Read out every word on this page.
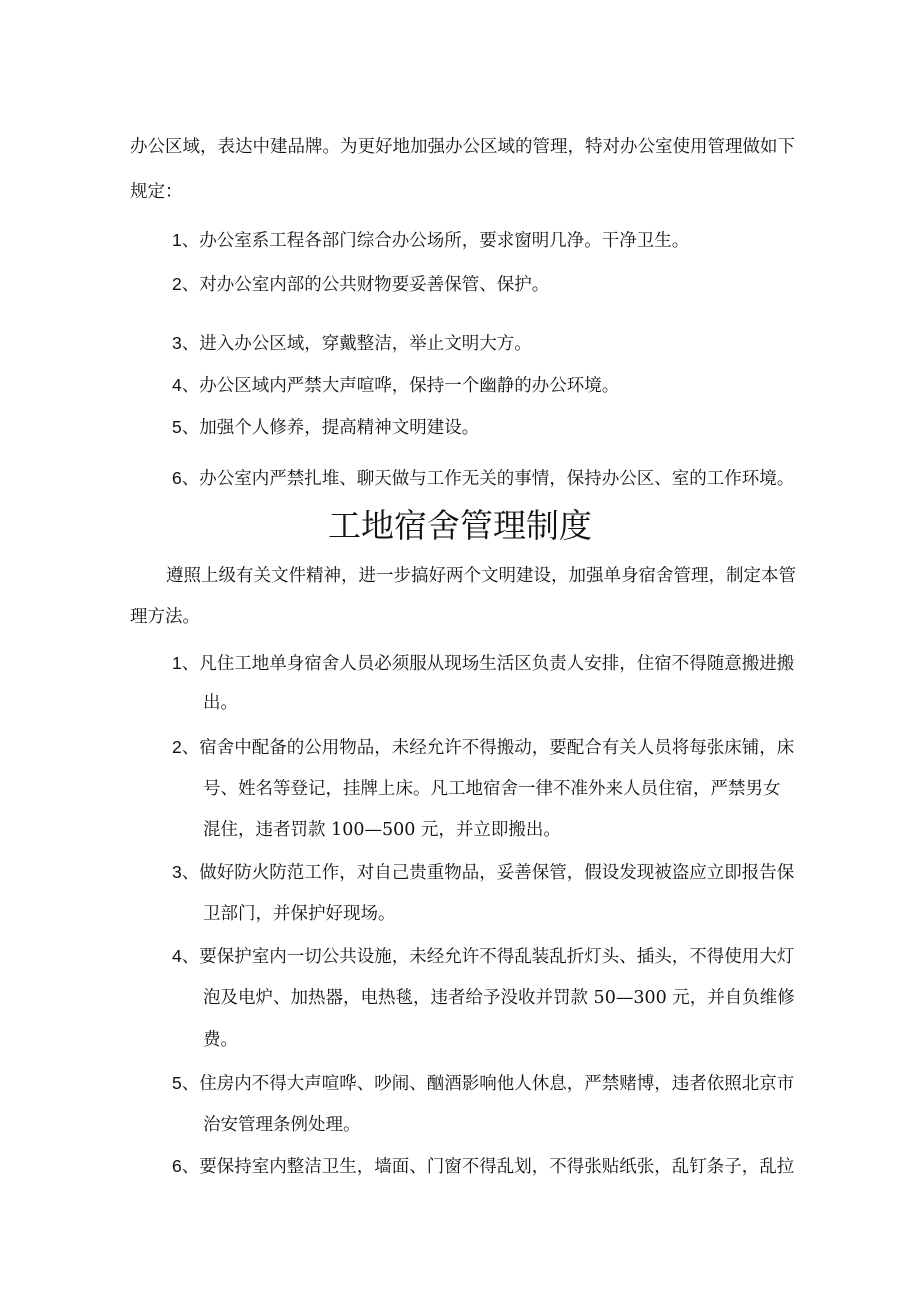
办公区域，表达中建品牌。为更好地加强办公区域的管理，特对办公室使用管理做如下
规定：
1、办公室系工程各部门综合办公场所，要求窗明几净。干净卫生。
2、对办公室内部的公共财物要妥善保管、保护。
3、进入办公区域，穿戴整洁，举止文明大方。
4、办公区域内严禁大声喧哗，保持一个幽静的办公环境。
5、加强个人修养，提高精神文明建设。
6、办公室内严禁扎堆、聊天做与工作无关的事情，保持办公区、室的工作环境。
工地宿舍管理制度
遵照上级有关文件精神，进一步搞好两个文明建设，加强单身宿舍管理，制定本管
理方法。
1、凡住工地单身宿舍人员必须服从现场生活区负责人安排，住宿不得随意搬进搬
出。
2、宿舍中配备的公用物品，未经允许不得搬动，要配合有关人员将每张床铺，床
号、姓名等登记，挂牌上床。凡工地宿舍一律不准外来人员住宿，严禁男女
混住，违者罚款 100—500 元，并立即搬出。
3、做好防火防范工作，对自己贵重物品，妥善保管，假设发现被盗应立即报告保
卫部门，并保护好现场。
4、要保护室内一切公共设施，未经允许不得乱装乱折灯头、插头，不得使用大灯
泡及电炉、加热器，电热毯，违者给予没收并罚款 50—300 元，并自负维修
费。
5、住房内不得大声喧哗、吵闹、酗酒影响他人休息，严禁赌博，违者依照北京市
治安管理条例处理。
6、要保持室内整洁卫生，墙面、门窗不得乱划，不得张贴纸张，乱钉条子，乱拉
